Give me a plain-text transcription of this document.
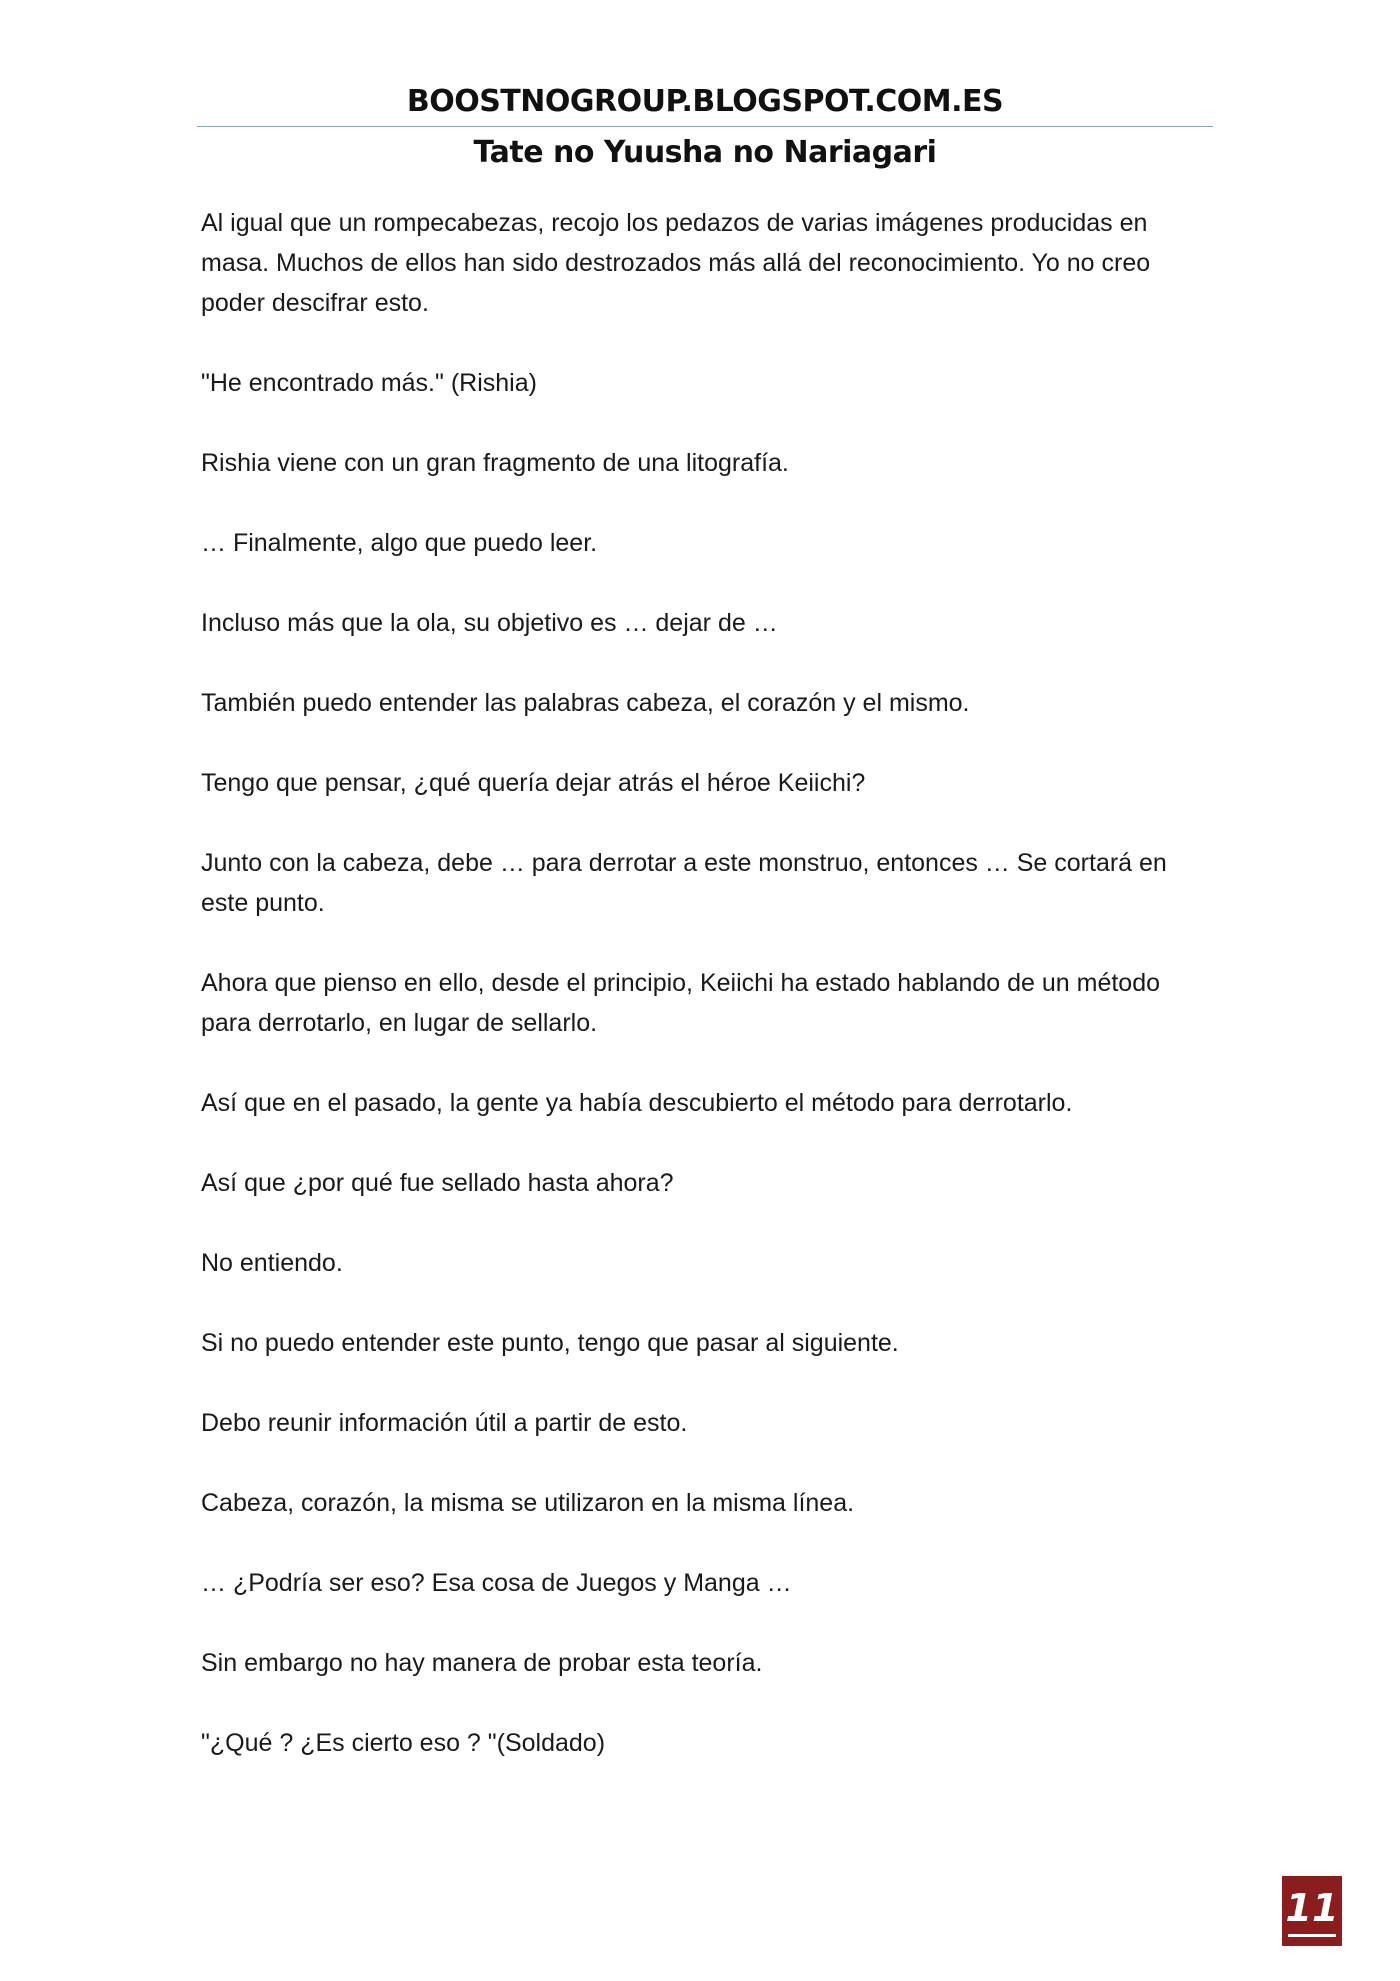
BOOSTNOGROUP.BLOGSPOT.COM.ES
Tate no Yuusha no Nariagari

Al igual que un rompecabezas, recojo los pedazos de varias imágenes producidas en masa. Muchos de ellos han sido destrozados más allá del reconocimiento. Yo no creo poder descifrar esto.

"He encontrado más." (Rishia)

Rishia viene con un gran fragmento de una litografía.

… Finalmente, algo que puedo leer.

Incluso más que la ola, su objetivo es … dejar de …

También puedo entender las palabras cabeza, el corazón y el mismo.

Tengo que pensar, ¿qué quería dejar atrás el héroe Keiichi?

Junto con la cabeza, debe … para derrotar a este monstruo, entonces … Se cortará en este punto.

Ahora que pienso en ello, desde el principio, Keiichi ha estado hablando de un método para derrotarlo, en lugar de sellarlo.

Así que en el pasado, la gente ya había descubierto el método para derrotarlo.

Así que ¿por qué fue sellado hasta ahora?

No entiendo.

Si no puedo entender este punto, tengo que pasar al siguiente.

Debo reunir información útil a partir de esto.

Cabeza, corazón, la misma se utilizaron en la misma línea.

… ¿Podría ser eso? Esa cosa de Juegos y Manga …

Sin embargo no hay manera de probar esta teoría.

"¿Qué ? ¿Es cierto eso ? "(Soldado)

11
